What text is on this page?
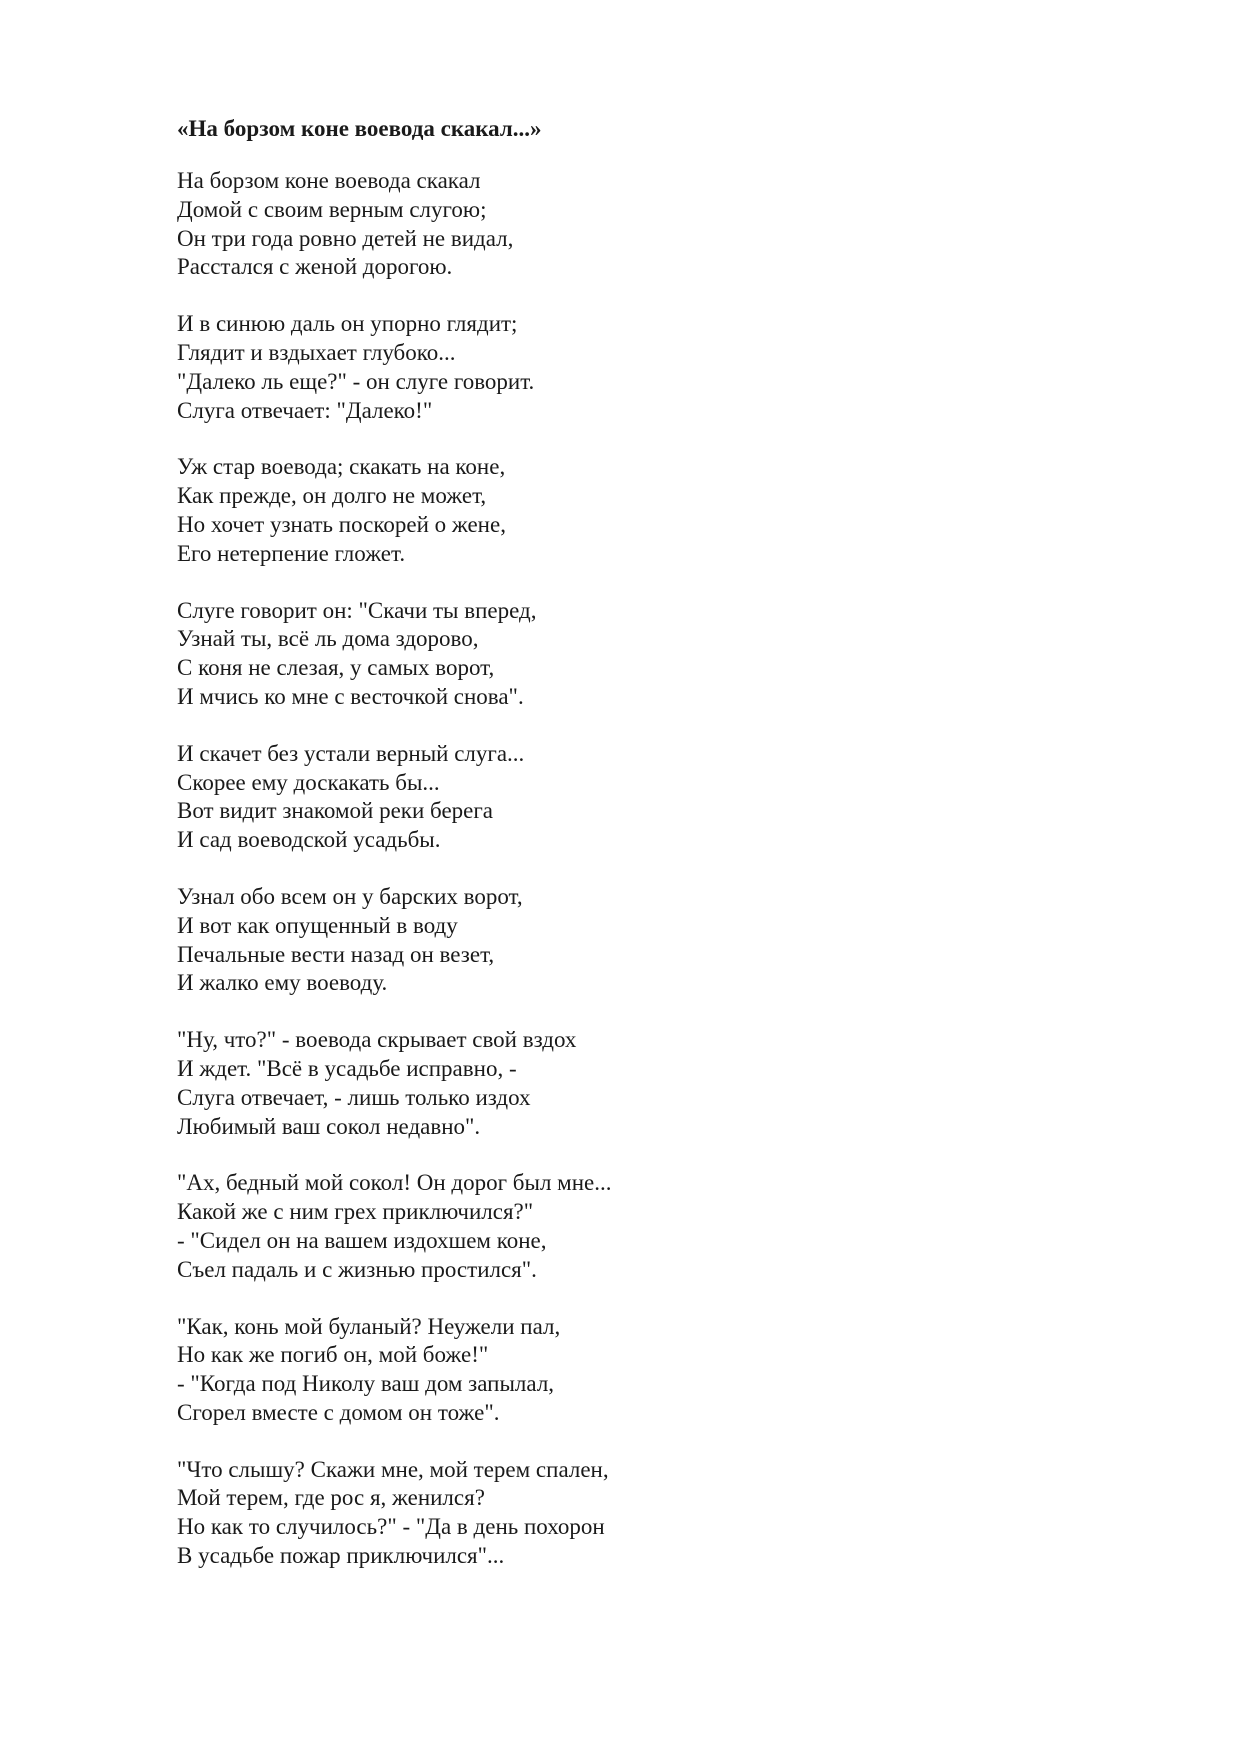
«На борзом коне воевода скакал...»
На борзом коне воевода скакал
Домой с своим верным слугою;
Он три года ровно детей не видал,
Расстался с женой дорогою.
И в синюю даль он упорно глядит;
Глядит и вздыхает глубоко...
"Далеко ль еще?" - он слуге говорит.
Слуга отвечает: "Далеко!"
Уж стар воевода; скакать на коне,
Как прежде, он долго не может,
Но хочет узнать поскорей о жене,
Его нетерпение гложет.
Слуге говорит он: "Скачи ты вперед,
Узнай ты, всё ль дома здорово,
С коня не слезая, у самых ворот,
И мчись ко мне с весточкой снова".
И скачет без устали верный слуга...
Скорее ему доскакать бы...
Вот видит знакомой реки берега
И сад воеводской усадьбы.
Узнал обо всем он у барских ворот,
И вот как опущенный в воду
Печальные вести назад он везет,
И жалко ему воеводу.
"Ну, что?" - воевода скрывает свой вздох
И ждет. "Всё в усадьбе исправно, -
Слуга отвечает, - лишь только издох
Любимый ваш сокол недавно".
"Ах, бедный мой сокол! Он дорог был мне...
Какой же с ним грех приключился?"
- "Сидел он на вашем издохшем коне,
Съел падаль и с жизнью простился".
"Как, конь мой буланый? Неужели пал,
Но как же погиб он, мой боже!"
- "Когда под Николу ваш дом запылал,
Сгорел вместе с домом он тоже".
"Что слышу? Скажи мне, мой терем спален,
Мой терем, где рос я, женился?
Но как то случилось?" - "Да в день похорон
В усадьбе пожар приключился"...
